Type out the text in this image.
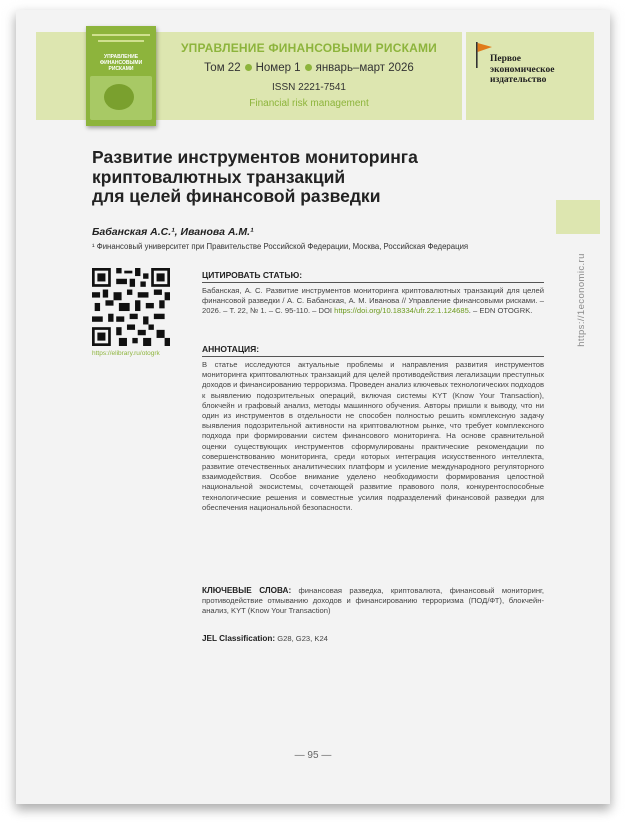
УПРАВЛЕНИЕ ФИНАНСОВЫМИ РИСКАМИ
УПРАВЛЕНИЕ ФИНАНСОВЫМИ РИСКАМИ
Том 22 Номер 1 январь–март 2026
ISSN 2221-7541
Financial risk management
Первое
экономическое
издательство
https://1economic.ru
Развитие инструментов мониторинга
криптовалютных транзакций
для целей финансовой разведки
Бабанская А.С.¹, Иванова А.М.¹
¹ Финансовый университет при Правительстве Российской Федерации, Москва, Российская Федерация
https://elibrary.ru/otogrk
ЦИТИРОВАТЬ СТАТЬЮ:
Бабанская, А. С. Развитие инструментов мониторинга криптовалютных транзакций для целей финансовой разведки / А. С. Бабанская, А. М. Иванова // Управление финансовыми рисками. – 2026. – Т. 22, № 1. – С. 95-110. – DOI https://doi.org/10.18334/ufr.22.1.124685. – EDN OTOGRK.
АННОТАЦИЯ:
В статье исследуются актуальные проблемы и направления развития инструментов мониторинга криптовалютных транзакций для целей противодействия легализации преступных доходов и финансированию терроризма. Проведен анализ ключевых технологических подходов к выявлению подозрительных операций, включая системы KYT (Know Your Transaction), блокчейн и графовый анализ, методы машинного обучения. Авторы пришли к выводу, что ни один из инструментов в отдельности не способен полностью решить комплексную задачу выявления подозрительной активности на криптовалютном рынке, что требует комплексного подхода при формировании систем финансового мониторинга. На основе сравнительной оценки существующих инструментов сформулированы практические рекомендации по совершенствованию мониторинга, среди которых интеграция искусственного интеллекта, развитие отечественных аналитических платформ и усиление международного регуляторного взаимодействия. Особое внимание уделено необходимости формирования целостной национальной экосистемы, сочетающей развитие правового поля, конкурентоспособные технологические решения и совместные усилия подразделений финансовой разведки для обеспечения национальной безопасности.
КЛЮЧЕВЫЕ СЛОВА: финансовая разведка, криптовалюта, финансовый мониторинг, противодействие отмыванию доходов и финансированию терроризма (ПОД/ФТ), блокчейн-анализ, KYT (Know Your Transaction)
JEL Classification: G28, G23, K24
— 95 —
